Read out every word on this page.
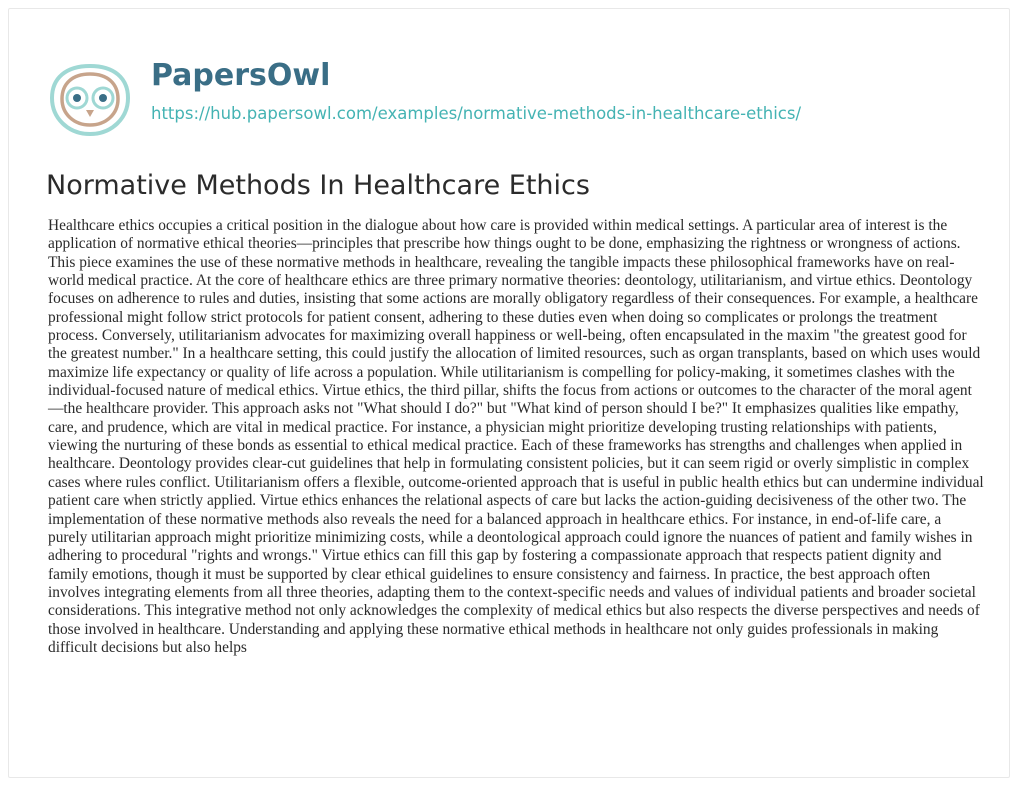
PapersOwl
https://hub.papersowl.com/examples/normative-methods-in-healthcare-ethics/
Normative Methods In Healthcare Ethics

Healthcare ethics occupies a critical position in the dialogue about how care is provided within medical settings. A particular area of interest is the application of normative ethical theories—principles that prescribe how things ought to be done, emphasizing the rightness or wrongness of actions. This piece examines the use of these normative methods in healthcare, revealing the tangible impacts these philosophical frameworks have on real-world medical practice. At the core of healthcare ethics are three primary normative theories: deontology, utilitarianism, and virtue ethics. Deontology focuses on adherence to rules and duties, insisting that some actions are morally obligatory regardless of their consequences. For example, a healthcare professional might follow strict protocols for patient consent, adhering to these duties even when doing so complicates or prolongs the treatment process. Conversely, utilitarianism advocates for maximizing overall happiness or well-being, often encapsulated in the maxim "the greatest good for the greatest number." In a healthcare setting, this could justify the allocation of limited resources, such as organ transplants, based on which uses would maximize life expectancy or quality of life across a population. While utilitarianism is compelling for policy-making, it sometimes clashes with the individual-focused nature of medical ethics. Virtue ethics, the third pillar, shifts the focus from actions or outcomes to the character of the moral agent—the healthcare provider. This approach asks not "What should I do?" but "What kind of person should I be?" It emphasizes qualities like empathy, care, and prudence, which are vital in medical practice. For instance, a physician might prioritize developing trusting relationships with patients, viewing the nurturing of these bonds as essential to ethical medical practice. Each of these frameworks has strengths and challenges when applied in healthcare. Deontology provides clear-cut guidelines that help in formulating consistent policies, but it can seem rigid or overly simplistic in complex cases where rules conflict. Utilitarianism offers a flexible, outcome-oriented approach that is useful in public health ethics but can undermine individual patient care when strictly applied. Virtue ethics enhances the relational aspects of care but lacks the action-guiding decisiveness of the other two. The implementation of these normative methods also reveals the need for a balanced approach in healthcare ethics. For instance, in end-of-life care, a purely utilitarian approach might prioritize minimizing costs, while a deontological approach could ignore the nuances of patient and family wishes in adhering to procedural "rights and wrongs." Virtue ethics can fill this gap by fostering a compassionate approach that respects patient dignity and family emotions, though it must be supported by clear ethical guidelines to ensure consistency and fairness. In practice, the best approach often involves integrating elements from all three theories, adapting them to the context-specific needs and values of individual patients and broader societal considerations. This integrative method not only acknowledges the complexity of medical ethics but also respects the diverse perspectives and needs of those involved in healthcare. Understanding and applying these normative ethical methods in healthcare not only guides professionals in making difficult decisions but also helps
